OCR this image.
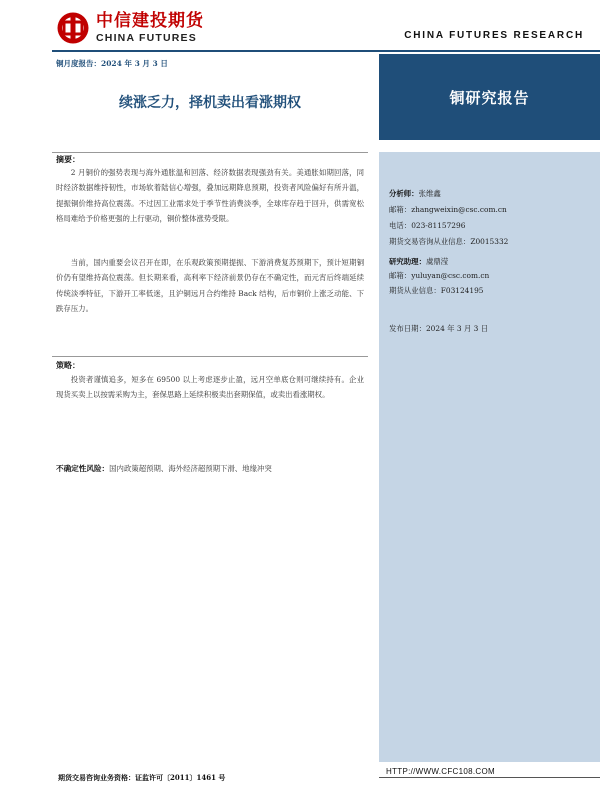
中信建投期货
CHINA FUTURES	CHINA FUTURES RESEARCH
铜月度报告：2024 年 3 月 3 日
续涨乏力，择机卖出看涨期权	铜研究报告
摘要：
2 月铜价的强势表现与海外通胀温和回落、经济数据表现强劲有关。美通胀如期回落，同时经济数据维持韧性，市场软着陆信心增强，叠加远期降息预期，投资者风险偏好有所升温，提振铜价维持高位震荡。不过因工业需求处于季节性消费淡季，全球库存趋于回升，供需宽松格局难给予价格更强的上行驱动，铜价整体涨势受限。
当前，国内重要会议召开在即，在乐观政策预期提振、下游消费复苏预期下，预计短期铜价仍有望维持高位震荡。但长期来看，高利率下经济前景仍存在不确定性，而元宵后终端延续传统淡季特征，下游开工率低迷，且沪铜远月合约维持 Back 结构，后市铜价上涨乏动能、下跌存压力。
策略：
投资者谨慎追多，短多在 69500 以上考虑逐步止盈，远月空单底仓则可继续持有。企业现货买卖上以按需采购为主，套保思路上延续积极卖出套期保值，或卖出看涨期权。
不确定性风险：国内政策超预期、海外经济超预期下滑、地缘冲突
分析师：张维鑫
邮箱：zhangweixin@csc.com.cn
电话：023-81157296
期货交易咨询从业信息：Z0015332
研究助理：虞鼎滢
邮箱：yuluyan@csc.com.cn
期货从业信息：F03124195
发布日期：2024 年 3 月 3 日
HTTP://WWW.CFC108.COM
期货交易咨询业务资格：证监许可〔2011〕1461 号
